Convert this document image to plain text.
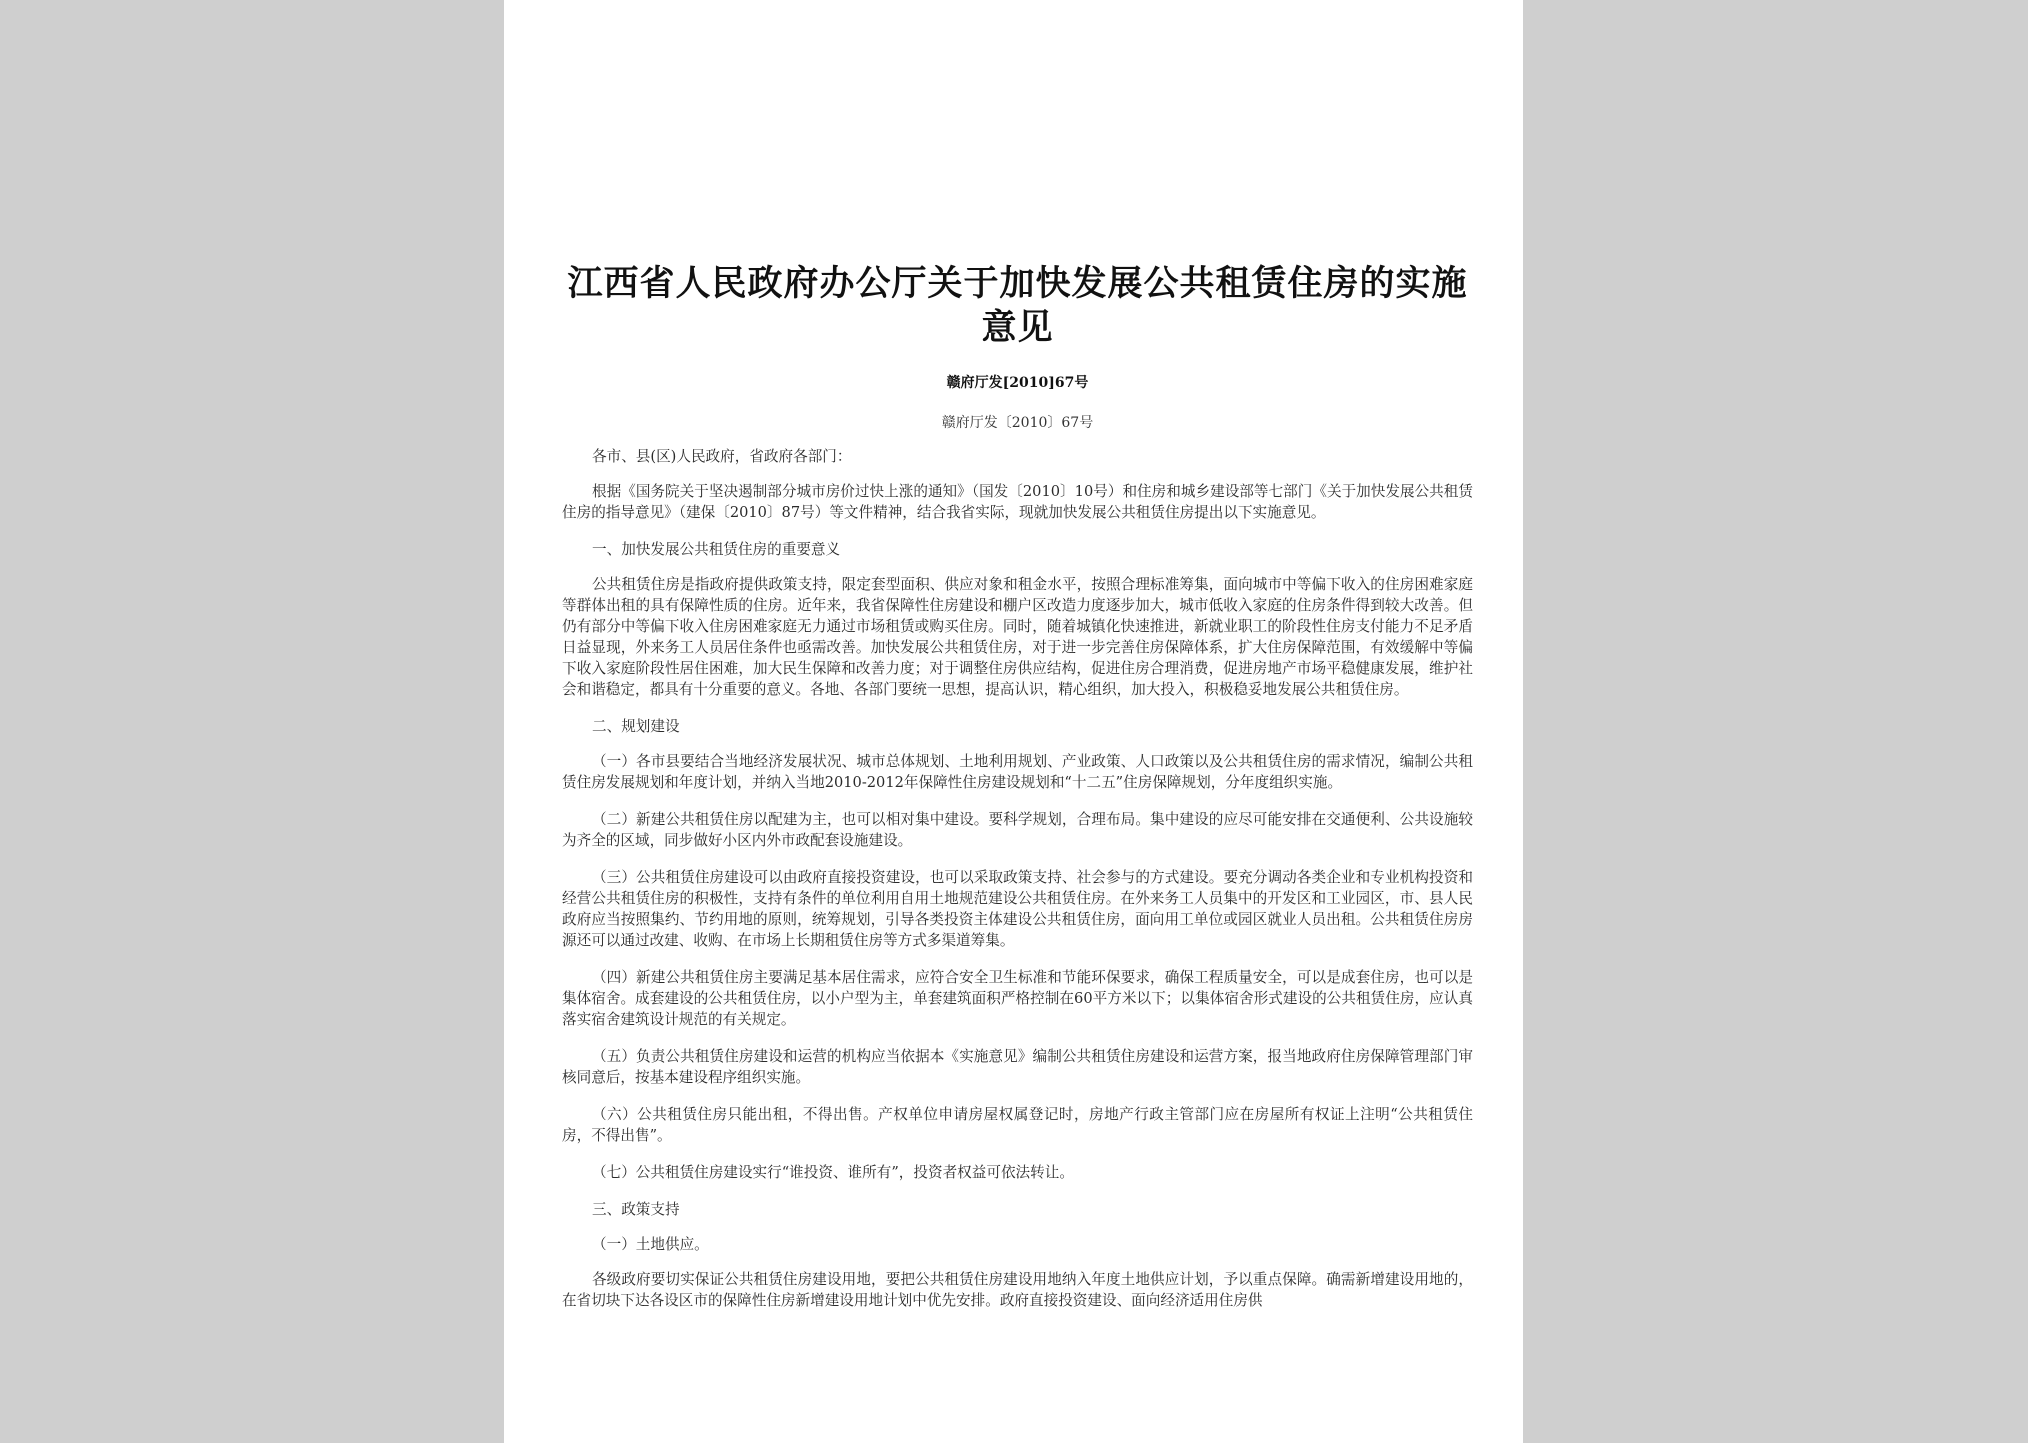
江西省人民政府办公厅关于加快发展公共租赁住房的实施意见
赣府厅发[2010]67号
赣府厅发〔2010〕67号

各市、县(区)人民政府，省政府各部门：

根据《国务院关于坚决遏制部分城市房价过快上涨的通知》（国发〔2010〕10号）和住房和城乡建设部等七部门《关于加快发展公共租赁住房的指导意见》（建保〔2010〕87号）等文件精神，结合我省实际，现就加快发展公共租赁住房提出以下实施意见。

一、加快发展公共租赁住房的重要意义

公共租赁住房是指政府提供政策支持，限定套型面积、供应对象和租金水平，按照合理标准筹集，面向城市中等偏下收入的住房困难家庭等群体出租的具有保障性质的住房。近年来，我省保障性住房建设和棚户区改造力度逐步加大，城市低收入家庭的住房条件得到较大改善。但仍有部分中等偏下收入住房困难家庭无力通过市场租赁或购买住房。同时，随着城镇化快速推进，新就业职工的阶段性住房支付能力不足矛盾日益显现，外来务工人员居住条件也亟需改善。加快发展公共租赁住房，对于进一步完善住房保障体系，扩大住房保障范围，有效缓解中等偏下收入家庭阶段性居住困难，加大民生保障和改善力度；对于调整住房供应结构，促进住房合理消费，促进房地产市场平稳健康发展，维护社会和谐稳定，都具有十分重要的意义。各地、各部门要统一思想，提高认识，精心组织，加大投入，积极稳妥地发展公共租赁住房。

二、规划建设

（一）各市县要结合当地经济发展状况、城市总体规划、土地利用规划、产业政策、人口政策以及公共租赁住房的需求情况，编制公共租赁住房发展规划和年度计划，并纳入当地2010-2012年保障性住房建设规划和“十二五”住房保障规划，分年度组织实施。

（二）新建公共租赁住房以配建为主，也可以相对集中建设。要科学规划，合理布局。集中建设的应尽可能安排在交通便利、公共设施较为齐全的区域，同步做好小区内外市政配套设施建设。

（三）公共租赁住房建设可以由政府直接投资建设，也可以采取政策支持、社会参与的方式建设。要充分调动各类企业和专业机构投资和经营公共租赁住房的积极性，支持有条件的单位利用自用土地规范建设公共租赁住房。在外来务工人员集中的开发区和工业园区，市、县人民政府应当按照集约、节约用地的原则，统筹规划，引导各类投资主体建设公共租赁住房，面向用工单位或园区就业人员出租。公共租赁住房房源还可以通过改建、收购、在市场上长期租赁住房等方式多渠道筹集。

（四）新建公共租赁住房主要满足基本居住需求，应符合安全卫生标准和节能环保要求，确保工程质量安全，可以是成套住房，也可以是集体宿舍。成套建设的公共租赁住房，以小户型为主，单套建筑面积严格控制在60平方米以下；以集体宿舍形式建设的公共租赁住房，应认真落实宿舍建筑设计规范的有关规定。

（五）负责公共租赁住房建设和运营的机构应当依据本《实施意见》编制公共租赁住房建设和运营方案，报当地政府住房保障管理部门审核同意后，按基本建设程序组织实施。

（六）公共租赁住房只能出租，不得出售。产权单位申请房屋权属登记时，房地产行政主管部门应在房屋所有权证上注明“公共租赁住房，不得出售”。

（七）公共租赁住房建设实行“谁投资、谁所有”，投资者权益可依法转让。

三、政策支持

（一）土地供应。

各级政府要切实保证公共租赁住房建设用地，要把公共租赁住房建设用地纳入年度土地供应计划，予以重点保障。确需新增建设用地的，在省切块下达各设区市的保障性住房新增建设用地计划中优先安排。政府直接投资建设、面向经济适用住房供
